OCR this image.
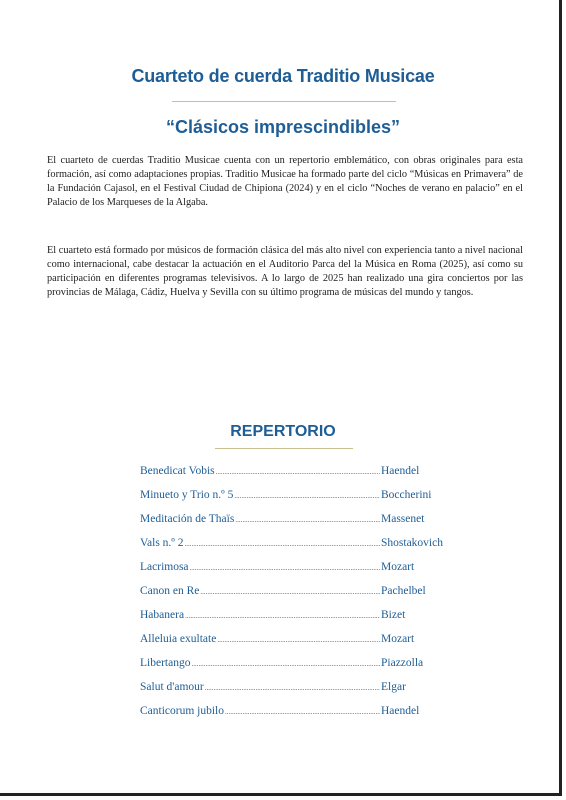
Cuarteto de cuerda Traditio Musicae
“Clásicos imprescindibles”

El cuarteto de cuerdas Traditio Musicae cuenta con un repertorio emblemático, con obras originales para esta formación, así como adaptaciones propias. Traditio Musicae ha formado parte del ciclo “Músicas en Primavera” de la Fundación Cajasol, en el Festival Ciudad de Chipiona (2024) y en el ciclo “Noches de verano en palacio” en el Palacio de los Marqueses de la Algaba.

El cuarteto está formado por músicos de formación clásica del más alto nivel con experiencia tanto a nivel nacional como internacional, cabe destacar la actuación en el Auditorio Parca del la Música en Roma (2025), así como su participación en diferentes programas televisivos. A lo largo de 2025 han realizado una gira conciertos por las provincias de Málaga, Cádiz, Huelva y Sevilla con su último programa de músicas del mundo y tangos.

REPERTORIO
Benedicat Vobis .....	Haendel
Minueto y Trio n.º 5 .....	Boccherini
Meditación de Thaïs .....	Massenet
Vals n.º 2 .....	Shostakovich
Lacrimosa .....	Mozart
Canon en Re .....	Pachelbel
Habanera .....	Bizet
Alleluia exultate .....	Mozart
Libertango .....	Piazzolla
Salut d'amour .....	Elgar
Canticorum jubilo .....	Haendel
